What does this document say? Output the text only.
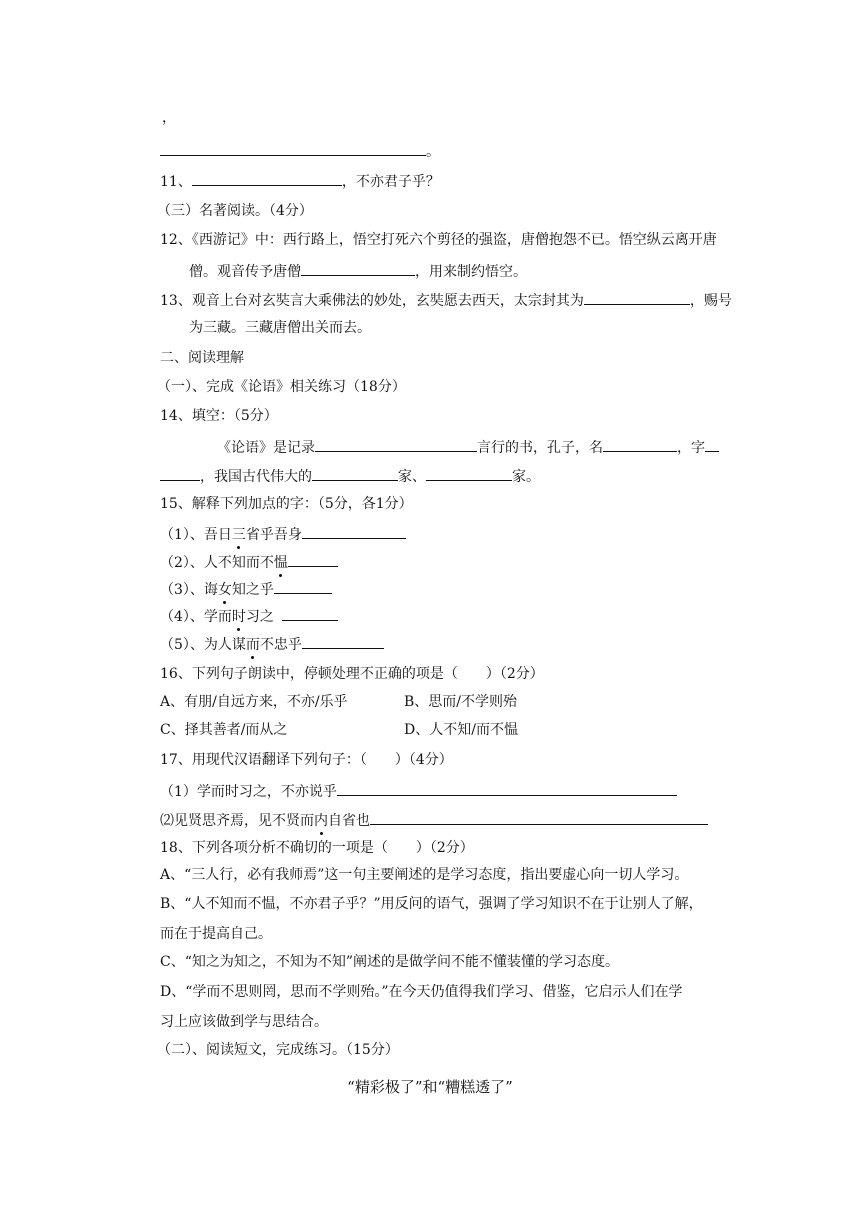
，
。
11、	，不亦君子乎？
（三）名著阅读。（4分）
12、《西游记》中：西行路上，悟空打死六个剪径的强盗，唐僧抱怨不已。悟空纵云离开唐
僧。观音传予唐僧	，用来制约悟空。
13、观音上台对玄奘言大乘佛法的妙处，玄奘愿去西天，太宗封其为	，赐号
为三藏。三藏唐僧出关而去。
二、阅读理解
（一）、完成《论语》相关练习（18分）
14、填空：（5分）
《论语》是记录	言行的书，孔子，名	，字
，我国古代伟大的	家、	家。
15、解释下列加点的字：（5分，各1分）
（1）、吾日三省乎吾身
（2）、人不知而不愠
（3）、诲女知之乎
（4）、学而时习之
（5）、为人谋而不忠乎
16、下列句子朗读中，停顿处理不正确的项是（　　）（2分）
A、有朋/自远方来，不亦/乐乎	B、思而/不学则殆
C、择其善者/而从之	D、人不知/而不愠
17、用现代汉语翻译下列句子：（　　）（4分）
（1）学而时习之，不亦说乎
⑵见贤思齐焉，见不贤而内自省也
18、下列各项分析不确切的一项是（　　）（2分）
A、“三人行，必有我师焉”这一句主要阐述的是学习态度，指出要虚心向一切人学习。
B、“人不知而不愠，不亦君子乎？”用反问的语气，强调了学习知识不在于让别人了解，
而在于提高自己。
C、“知之为知之，不知为不知”阐述的是做学问不能不懂装懂的学习态度。
D、“学而不思则罔，思而不学则殆。”在今天仍值得我们学习、借鉴，它启示人们在学
习上应该做到学与思结合。
（二）、阅读短文，完成练习。（15分）
“精彩极了”和“糟糕透了”
